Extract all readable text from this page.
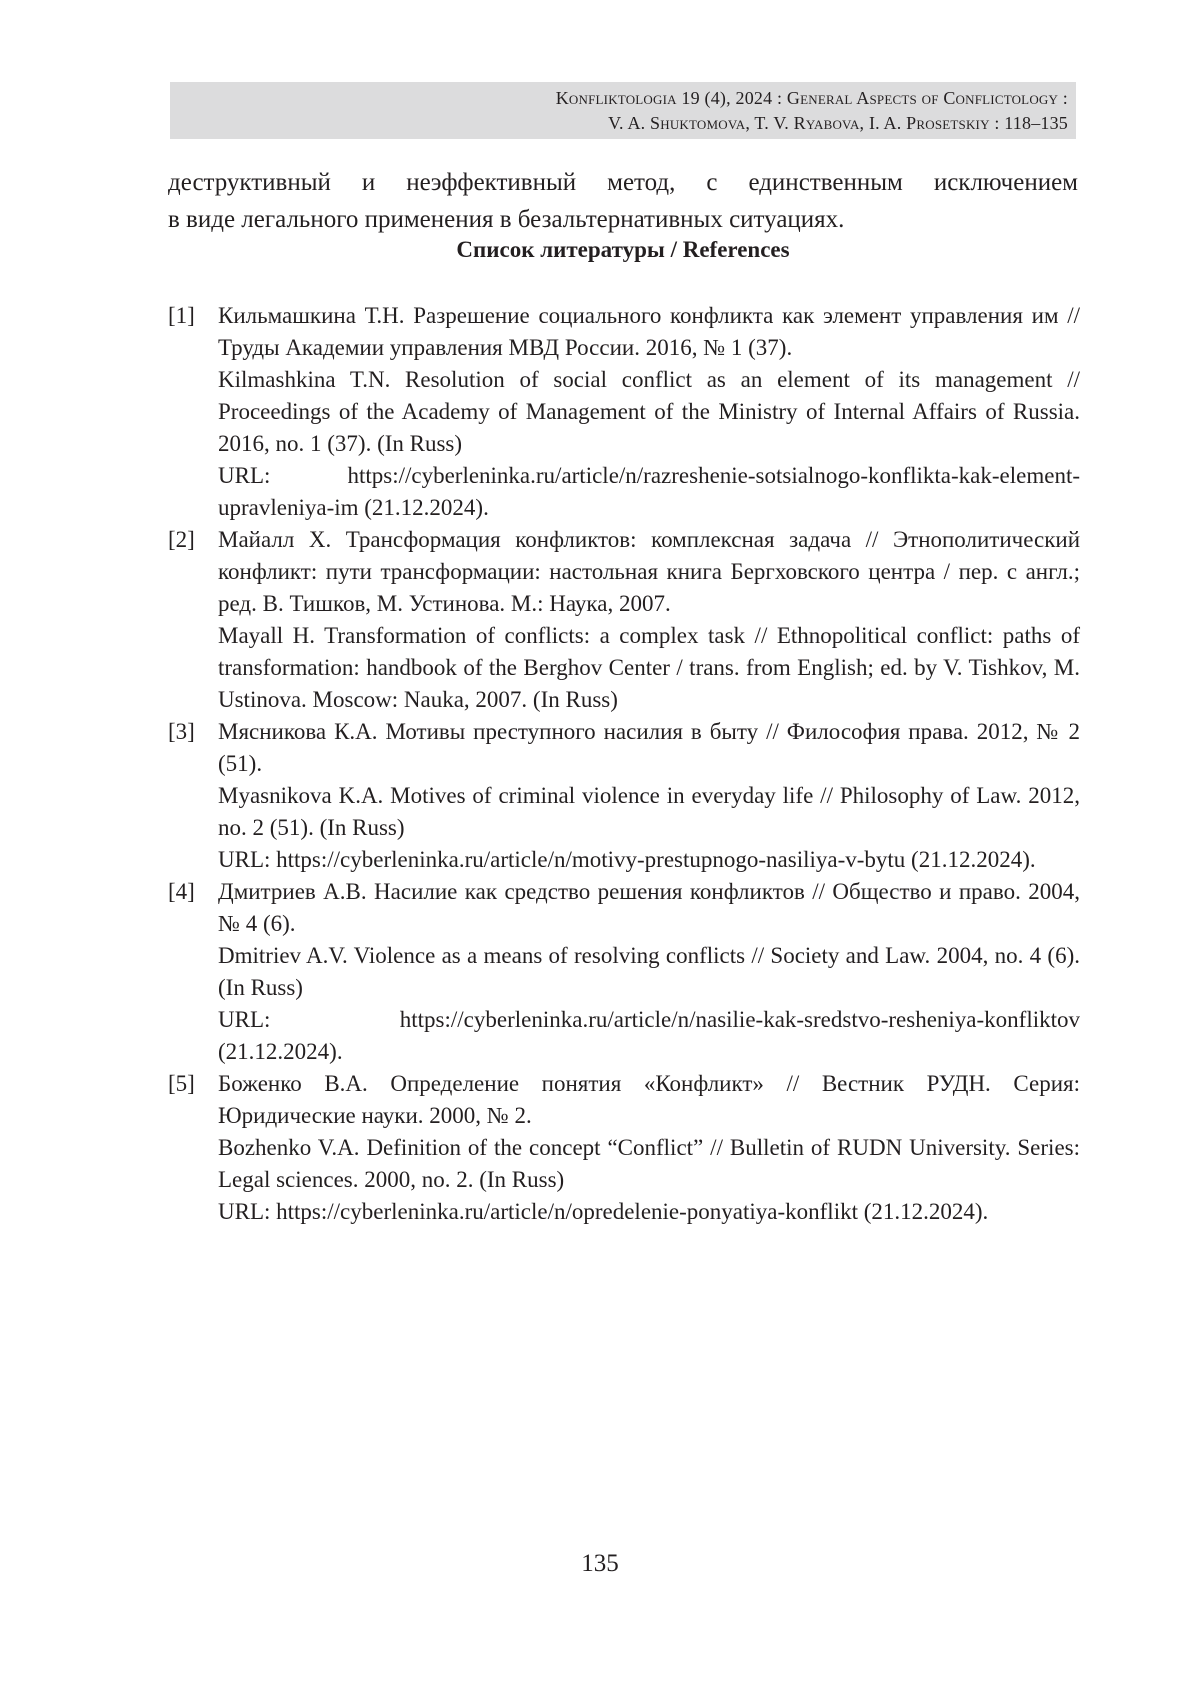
Konfliktologia 19 (4), 2024 : General Aspects of Conflictology :
V. A. Shuktomova, T. V. Ryabova, I. A. Prosetskiy : 118–135

деструктивный и неэффективный метод, с единственным исключением
в виде легального применения в безальтернативных ситуациях.

Список литературы / References
[1] Кильмашкина Т.Н. Разрешение социального конфликта как элемент управления им // Труды Академии управления МВД России. 2016, № 1 (37).

Kilmashkina T.N. Resolution of social conflict as an element of its management // Proceedings of the Academy of Management of the Ministry of Internal Affairs of Russia. 2016, no. 1 (37). (In Russ)

URL: https://cyberleninka.ru/article/n/razreshenie-sotsialnogo-konflikta-kak-element-upravleniya-im (21.12.2024).

[2] Майалл Х. Трансформация конфликтов: комплексная задача // Этнополитический конфликт: пути трансформации: настольная книга Бергховского центра / пер. с англ.; ред. В. Тишков, М. Устинова. М.: Наука, 2007.

Mayall H. Transformation of conflicts: a complex task // Ethnopolitical conflict: paths of transformation: handbook of the Berghov Center / trans. from English; ed. by V. Tishkov, M. Ustinova. Moscow: Nauka, 2007. (In Russ)

[3] Мясникова К.А. Мотивы преступного насилия в быту // Философия права. 2012, № 2 (51).

Myasnikova K.A. Motives of criminal violence in everyday life // Philosophy of Law. 2012, no. 2 (51). (In Russ)

URL: https://cyberleninka.ru/article/n/motivy-prestupnogo-nasiliya-v-bytu (21.12.2024).

[4] Дмитриев А.В. Насилие как средство решения конфликтов // Общество и право. 2004, № 4 (6).

Dmitriev A.V. Violence as a means of resolving conflicts // Society and Law. 2004, no. 4 (6). (In Russ)

URL: https://cyberleninka.ru/article/n/nasilie-kak-sredstvo-resheniya-konfliktov (21.12.2024).

[5] Боженко В.А. Определение понятия «Конфликт» // Вестник РУДН. Серия: Юридические науки. 2000, № 2.

Bozhenko V.A. Definition of the concept “Conflict” // Bulletin of RUDN University. Series: Legal sciences. 2000, no. 2. (In Russ)

URL: https://cyberleninka.ru/article/n/opredelenie-ponyatiya-konflikt (21.12.2024).

135
